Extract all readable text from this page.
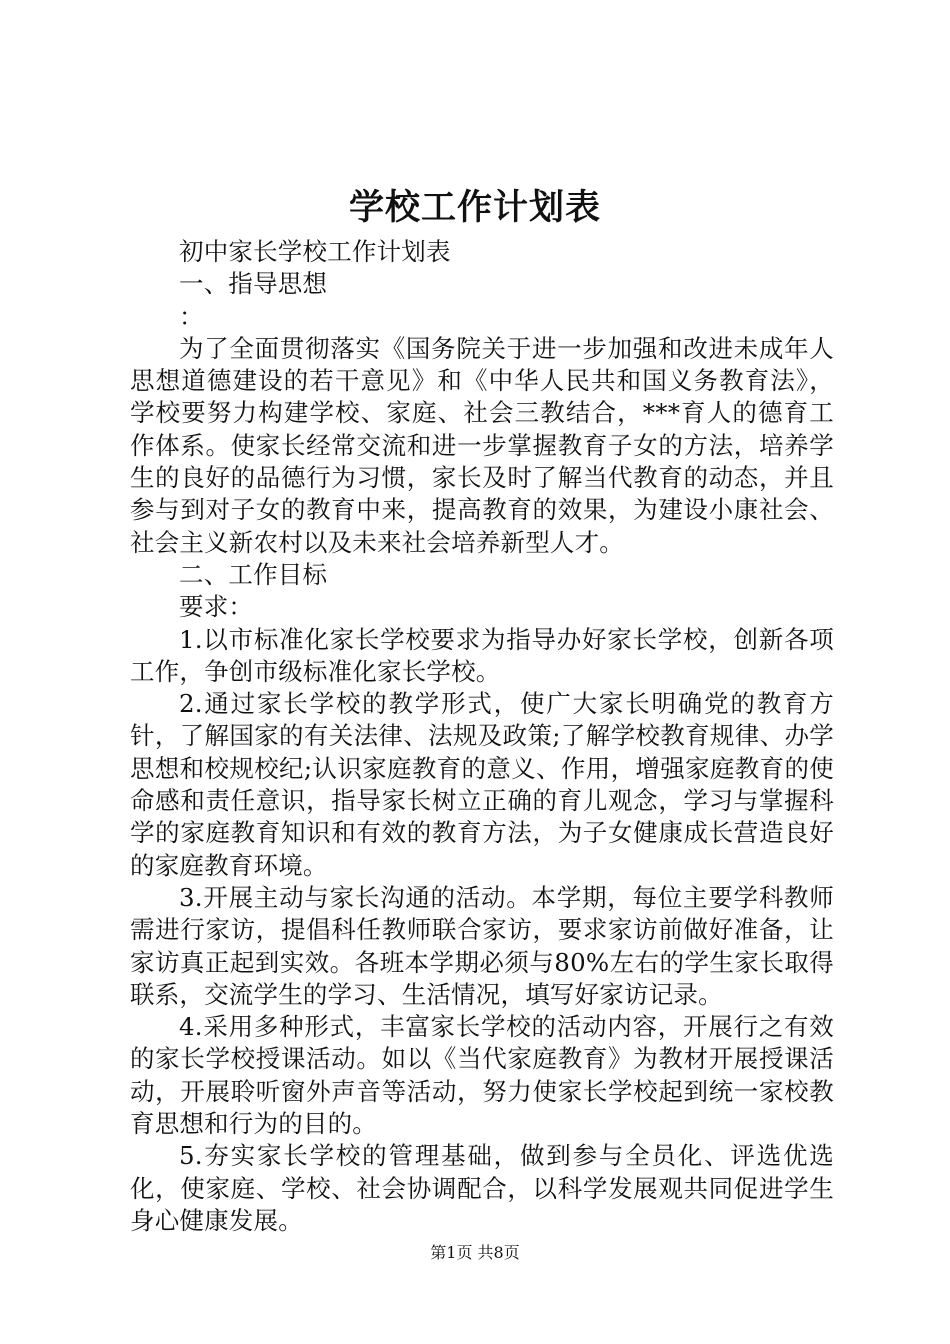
学校工作计划表

初中家长学校工作计划表

一、指导思想

：

为了全面贯彻落实《国务院关于进一步加强和改进未成年人思想道德建设的若干意见》和《中华人民共和国义务教育法》，学校要努力构建学校、家庭、社会三教结合，***育人的德育工作体系。使家长经常交流和进一步掌握教育子女的方法，培养学生的良好的品德行为习惯，家长及时了解当代教育的动态，并且参与到对子女的教育中来，提高教育的效果，为建设小康社会、社会主义新农村以及未来社会培养新型人才。

二、工作目标

要求：

1.以市标准化家长学校要求为指导办好家长学校，创新各项工作，争创市级标准化家长学校。

2.通过家长学校的教学形式，使广大家长明确党的教育方针，了解国家的有关法律、法规及政策;了解学校教育规律、办学思想和校规校纪;认识家庭教育的意义、作用，增强家庭教育的使命感和责任意识，指导家长树立正确的育儿观念，学习与掌握科学的家庭教育知识和有效的教育方法，为子女健康成长营造良好的家庭教育环境。

3.开展主动与家长沟通的活动。本学期，每位主要学科教师需进行家访，提倡科任教师联合家访，要求家访前做好准备，让家访真正起到实效。各班本学期必须与80%左右的学生家长取得联系，交流学生的学习、生活情况，填写好家访记录。

4.采用多种形式，丰富家长学校的活动内容，开展行之有效的家长学校授课活动。如以《当代家庭教育》为教材开展授课活动，开展聆听窗外声音等活动，努力使家长学校起到统一家校教育思想和行为的目的。

5.夯实家长学校的管理基础，做到参与全员化、评选优选化，使家庭、学校、社会协调配合，以科学发展观共同促进学生身心健康发展。

第1页 共8页
